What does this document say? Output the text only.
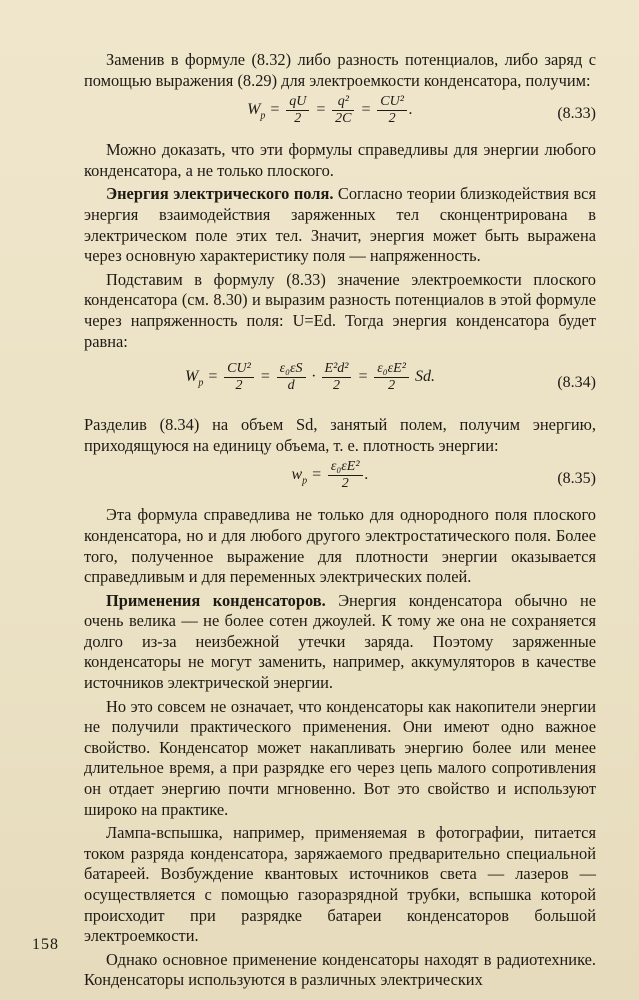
Заменив в формуле (8.32) либо разность потенциалов, либо заряд с помощью выражения (8.29) для электроемкости конденсатора, получим:

$W_p = \frac{qU}{2} = \frac{\text{q²}}{2C} = \frac{\text{CU²}}{2}$ .	(8.33)

Можно доказать, что эти формулы справедливы для энергии любого конденсатора, а не только плоского.

Энергия электрического поля. Согласно теории близкодействия вся энергия взаимодействия заряженных тел сконцентрирована в электрическом поле этих тел. Значит, энергия может быть выражена через основную характеристику поля — напряженность.

Подставим в формулу (8.33) значение электроемкости плоского конденсатора (см. 8.30) и выразим разность потенциалов в этой формуле через напряженность поля: U=Ed. Тогда энергия конденсатора будет равна:

$W_p = \frac{\text{CU²}}{2} = \frac{\text{ε₀εS}}{d} \cdot \frac{\text{E²d²}}{2} = \frac{\text{ε₀εE²}}{2} Sd$.	(8.34)

Разделив (8.34) на объем Sd, занятый полем, получим энергию, приходящуюся на единицу объема, т. е. плотность энергии:

$w_p = \frac{\text{ε₀εE²}}{2}$ .	(8.35)

Эта формула справедлива не только для однородного поля плоского конденсатора, но и для любого другого электростатического поля. Более того, полученное выражение для плотности энергии оказывается справедливым и для переменных электрических полей.

Применения конденсаторов. Энергия конденсатора обычно не очень велика — не более сотен джоулей. К тому же она не сохраняется долго из-за неизбежной утечки заряда. Поэтому заряженные конденсаторы не могут заменить, например, аккумуляторов в качестве источников электрической энергии.

Но это совсем не означает, что конденсаторы как накопители энергии не получили практического применения. Они имеют одно важное свойство. Конденсатор может накапливать энергию более или менее длительное время, а при разрядке его через цепь малого сопротивления он отдает энергию почти мгновенно. Вот это свойство и используют широко на практике.

Лампа-вспышка, например, применяемая в фотографии, питается током разряда конденсатора, заряжаемого предварительно специальной батареей. Возбуждение квантовых источников света — лазеров — осуществляется с помощью газоразрядной трубки, вспышка которой происходит при разрядке батареи конденсаторов большой электроемкости.

Однако основное применение конденсаторы находят в радиотехнике. Конденсаторы используются в различных электрических

158
